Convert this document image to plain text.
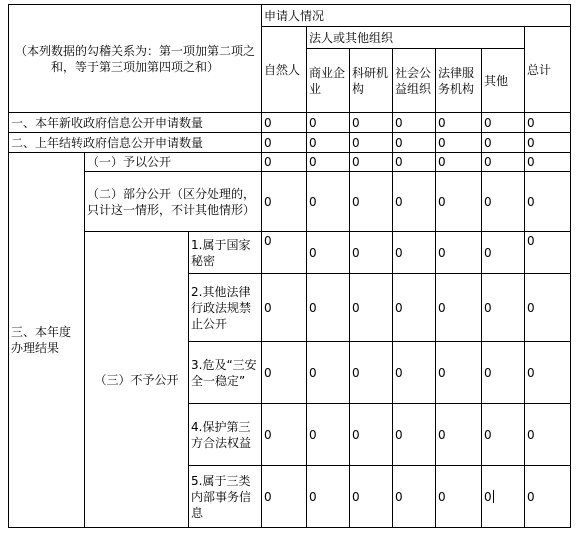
（本列数据的勾稽关系为：第一项加第二项之和，等于第三项加第四项之和）			申请人情况						
			自然人	法人或其他组织					总计
				商业企业	科研机构	社会公益组织	法律服务机构	其他	
一、本年新收政府信息公开申请数量			0	0	0	0	0	0	0
二、上年结转政府信息公开申请数量			0	0	0	0	0	0	0
三、本年度办理结果	（一）予以公开		0	0	0	0	0	0	0
	（二）部分公开（区分处理的，只计这一情形，不计其他情形）		0	0	0	0	0	0	0
	（三）不予公开	1.属于国家秘密	0	0	0	0	0	0	0
		2.其他法律行政法规禁止公开	0	0	0	0	0	0	0
		3.危及“三安全一稳定”	0	0	0	0	0	0	0
		4.保护第三方合法权益	0	0	0	0	0	0	0
		5.属于三类内部事务信息	0	0	0	0	0	0	0
